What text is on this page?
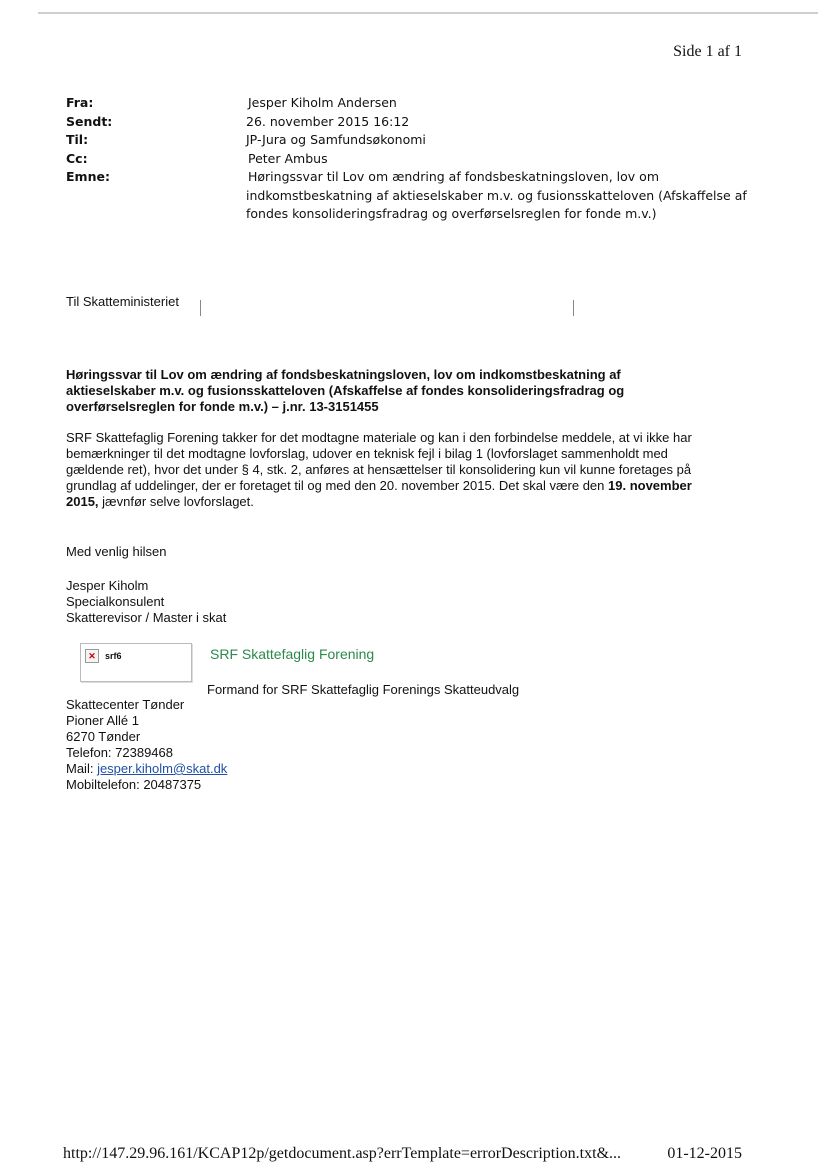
Side 1 af 1
Fra:	Jesper Kiholm Andersen
Sendt:	26. november 2015 16:12
Til:	JP-Jura og Samfundsøkonomi
Cc:	Peter Ambus
Emne:	Høringssvar til Lov om ændring af fondsbeskatningsloven, lov om
indkomstbeskatning af aktieselskaber m.v. og fusionsskatteloven (Afskaffelse af
fondes konsolideringsfradrag og overførselsreglen for fonde m.v.)
Til Skatteministeriet
Høringssvar til Lov om ændring af fondsbeskatningsloven, lov om indkomstbeskatning af
aktieselskaber m.v. og fusionsskatteloven (Afskaffelse af fondes konsolideringsfradrag og
overførselsreglen for fonde m.v.) – j.nr. 13-3151455
SRF Skattefaglig Forening takker for det modtagne materiale og kan i den forbindelse meddele, at vi ikke har
bemærkninger til det modtagne lovforslag, udover en teknisk fejl i bilag 1 (lovforslaget sammenholdt med
gældende ret), hvor det under § 4, stk. 2, anføres at hensættelser til konsolidering kun vil kunne foretages på
grundlag af uddelinger, der er foretaget til og med den 20. november 2015. Det skal være den 19. november
2015, jævnfør selve lovforslaget.
Med venlig hilsen
Jesper Kiholm
Specialkonsulent
Skatterevisor / Master i skat
✕	srf6	SRF Skattefaglig Forening
Formand for SRF Skattefaglig Forenings Skatteudvalg
Skattecenter Tønder
Pioner Allé 1
6270 Tønder
Telefon: 72389468
Mail: jesper.kiholm@skat.dk
Mobiltelefon: 20487375
http://147.29.96.161/KCAP12p/getdocument.asp?errTemplate=errorDescription.txt&...	01-12-2015
